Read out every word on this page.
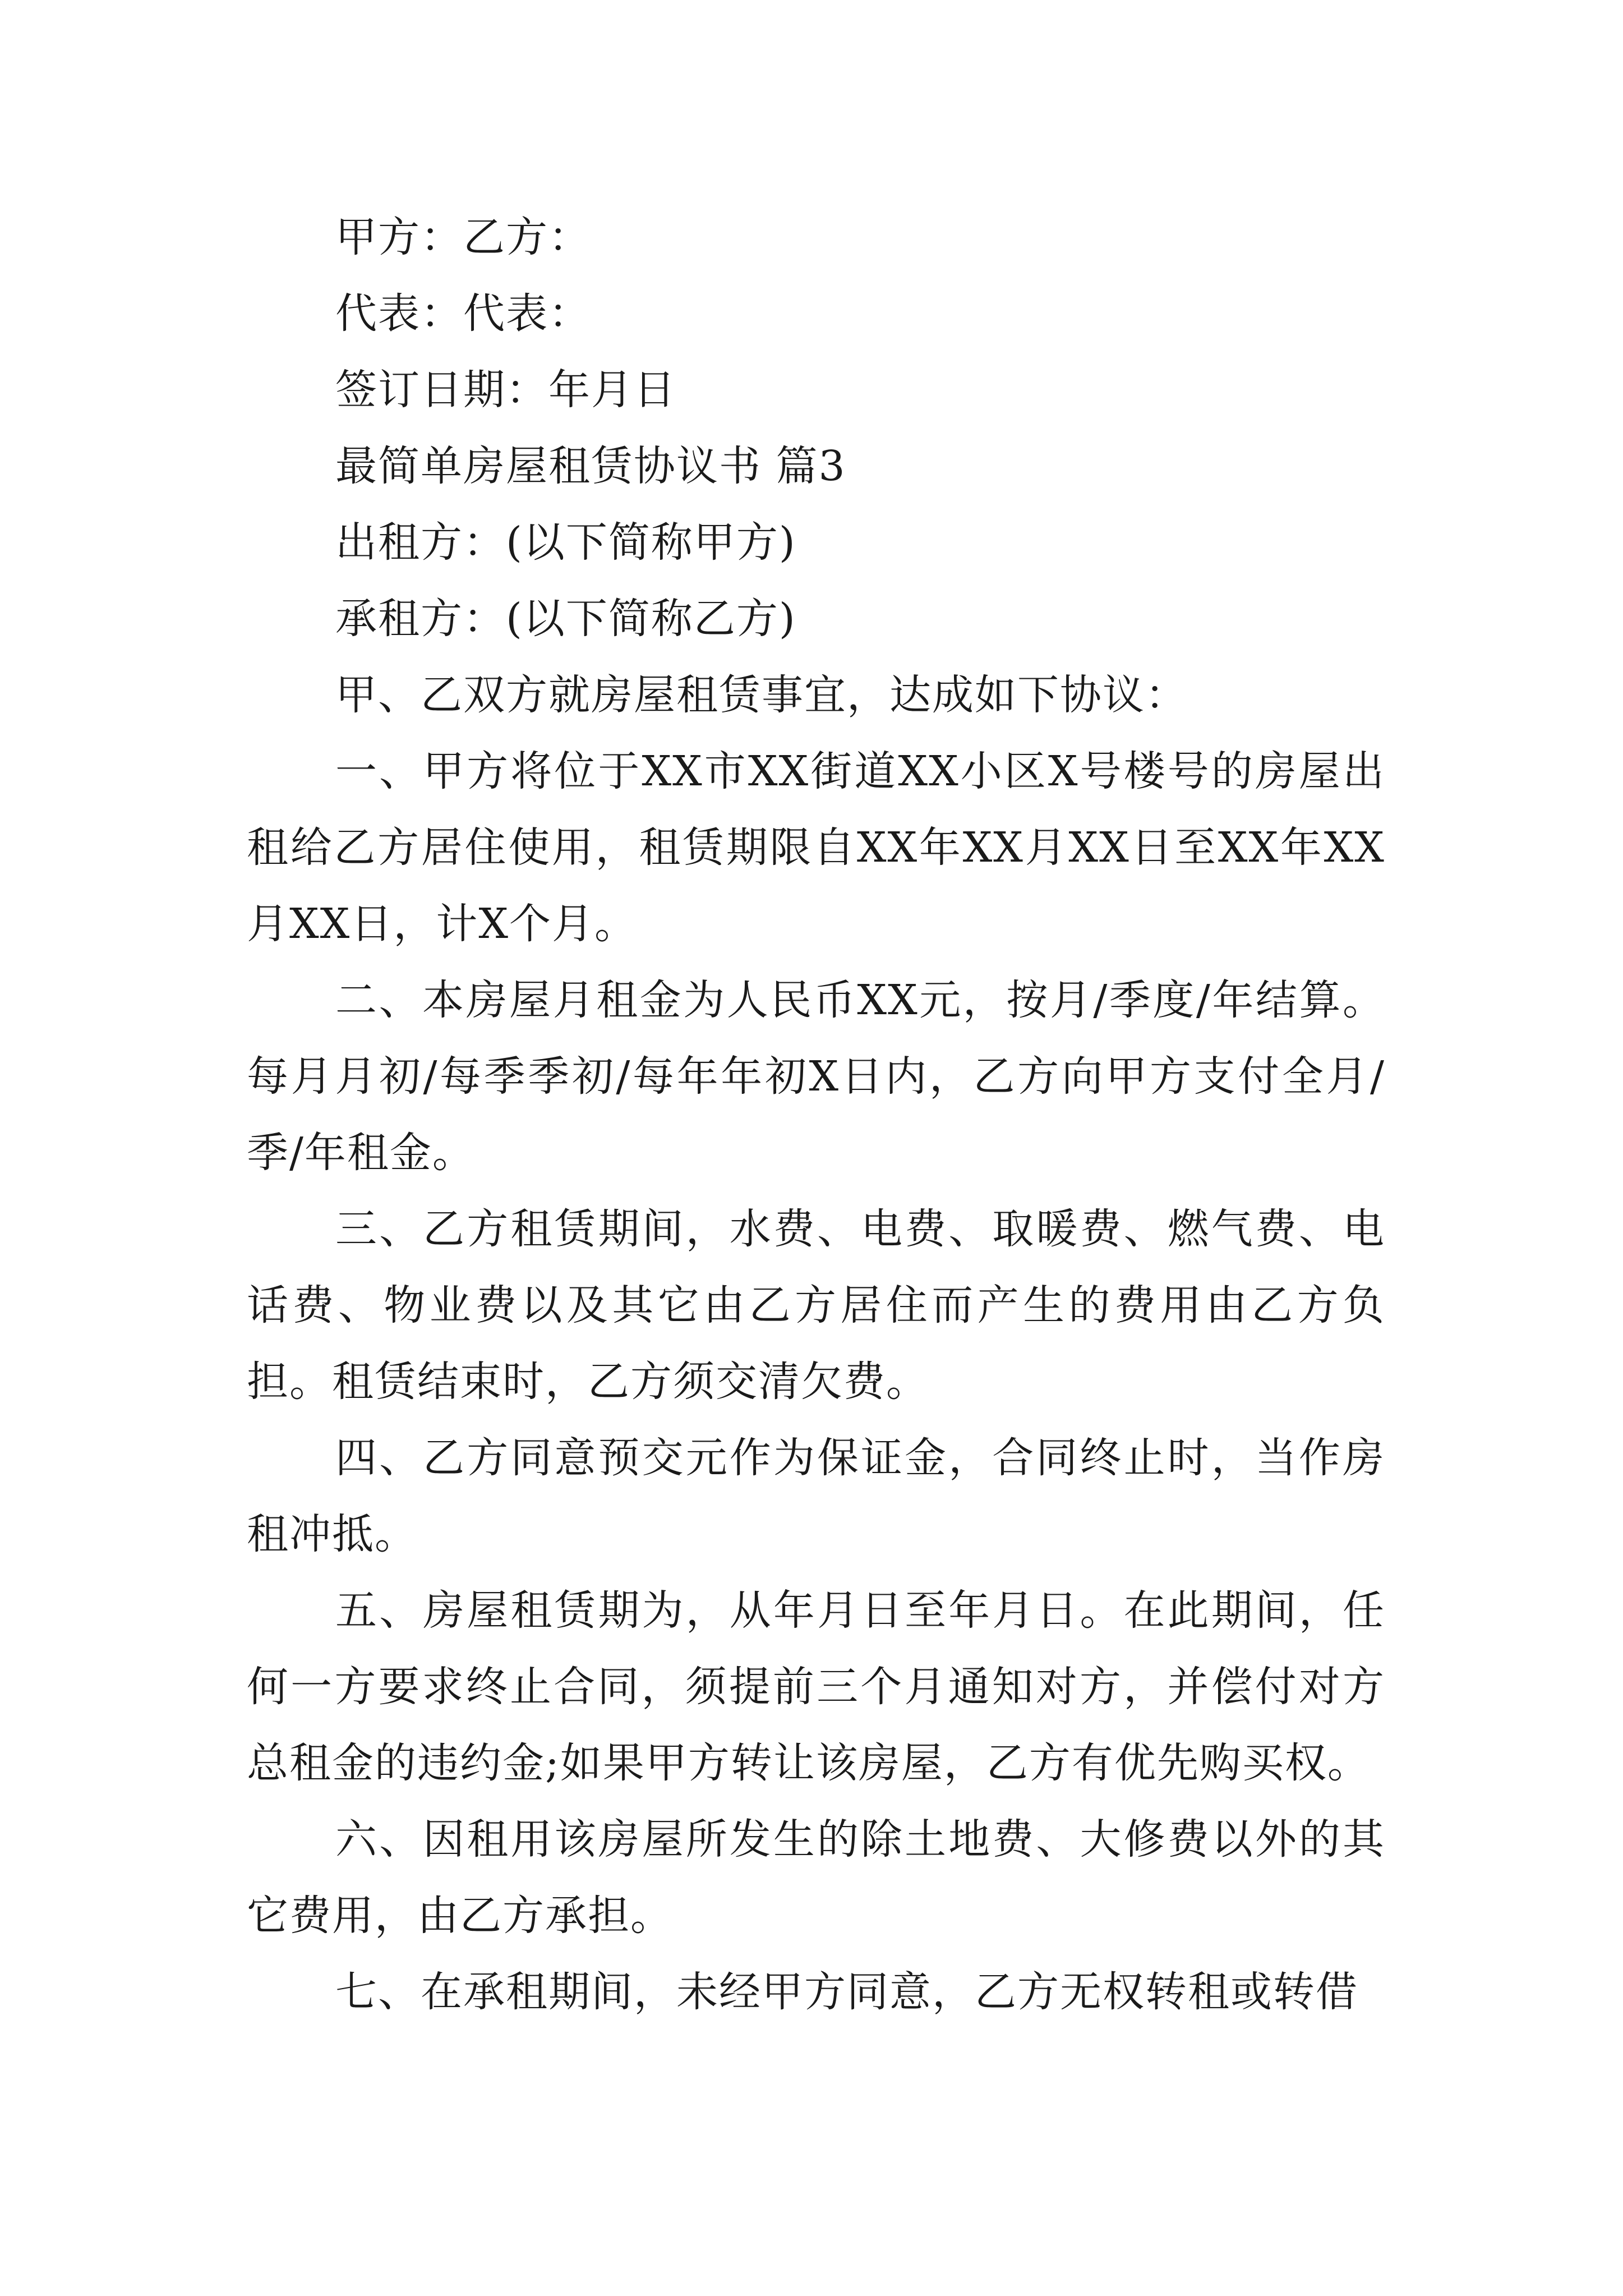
甲方：乙方：
代表：代表：
签订日期：年月日
最简单房屋租赁协议书 篇3
出租方：(以下简称甲方)
承租方：(以下简称乙方)
甲、乙双方就房屋租赁事宜，达成如下协议：

一、甲方将位于XX市XX街道XX小区X号楼号的房屋出租给乙方居住使用，租赁期限自XX年XX月XX日至XX年XX月XX日，计X个月。

二、本房屋月租金为人民币XX元，按月/季度/年结算。每月月初/每季季初/每年年初X日内，乙方向甲方支付全月/季/年租金。

三、乙方租赁期间，水费、电费、取暖费、燃气费、电话费、物业费以及其它由乙方居住而产生的费用由乙方负担。租赁结束时，乙方须交清欠费。

四、乙方同意预交元作为保证金，合同终止时，当作房租冲抵。

五、房屋租赁期为，从年月日至年月日。在此期间，任何一方要求终止合同，须提前三个月通知对方，并偿付对方总租金的违约金;如果甲方转让该房屋，乙方有优先购买权。

六、因租用该房屋所发生的除土地费、大修费以外的其它费用，由乙方承担。

七、在承租期间，未经甲方同意，乙方无权转租或转借
